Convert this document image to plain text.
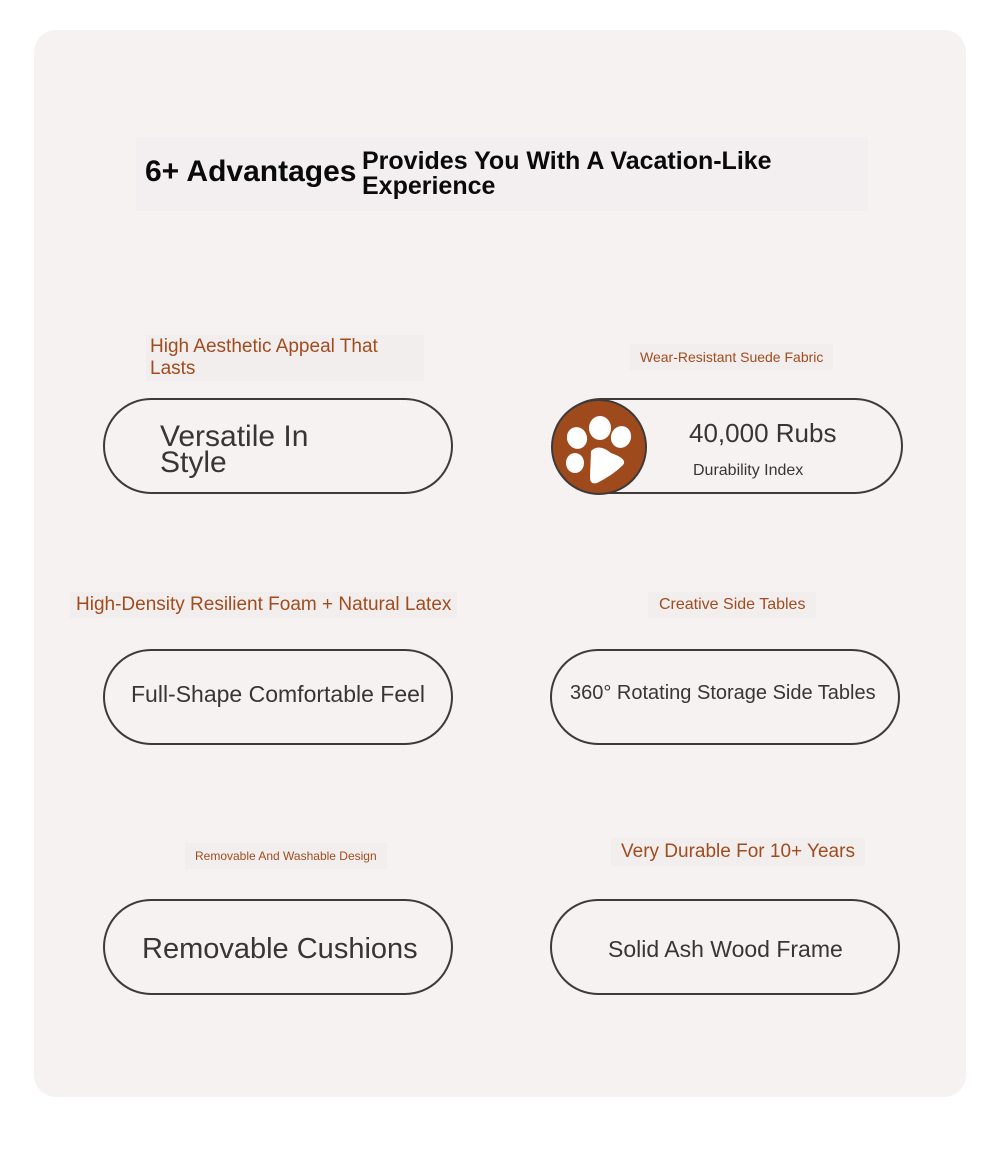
6+ Advantages Provides You With A Vacation-Like Experience
High Aesthetic Appeal That Lasts
Versatile In Style
Wear-Resistant Suede Fabric
40,000 Rubs
Durability Index
High-Density Resilient Foam + Natural Latex
Full-Shape Comfortable Feel
Creative Side Tables
360° Rotating Storage Side Tables
Removable And Washable Design
Removable Cushions
Very Durable For 10+ Years
Solid Ash Wood Frame
